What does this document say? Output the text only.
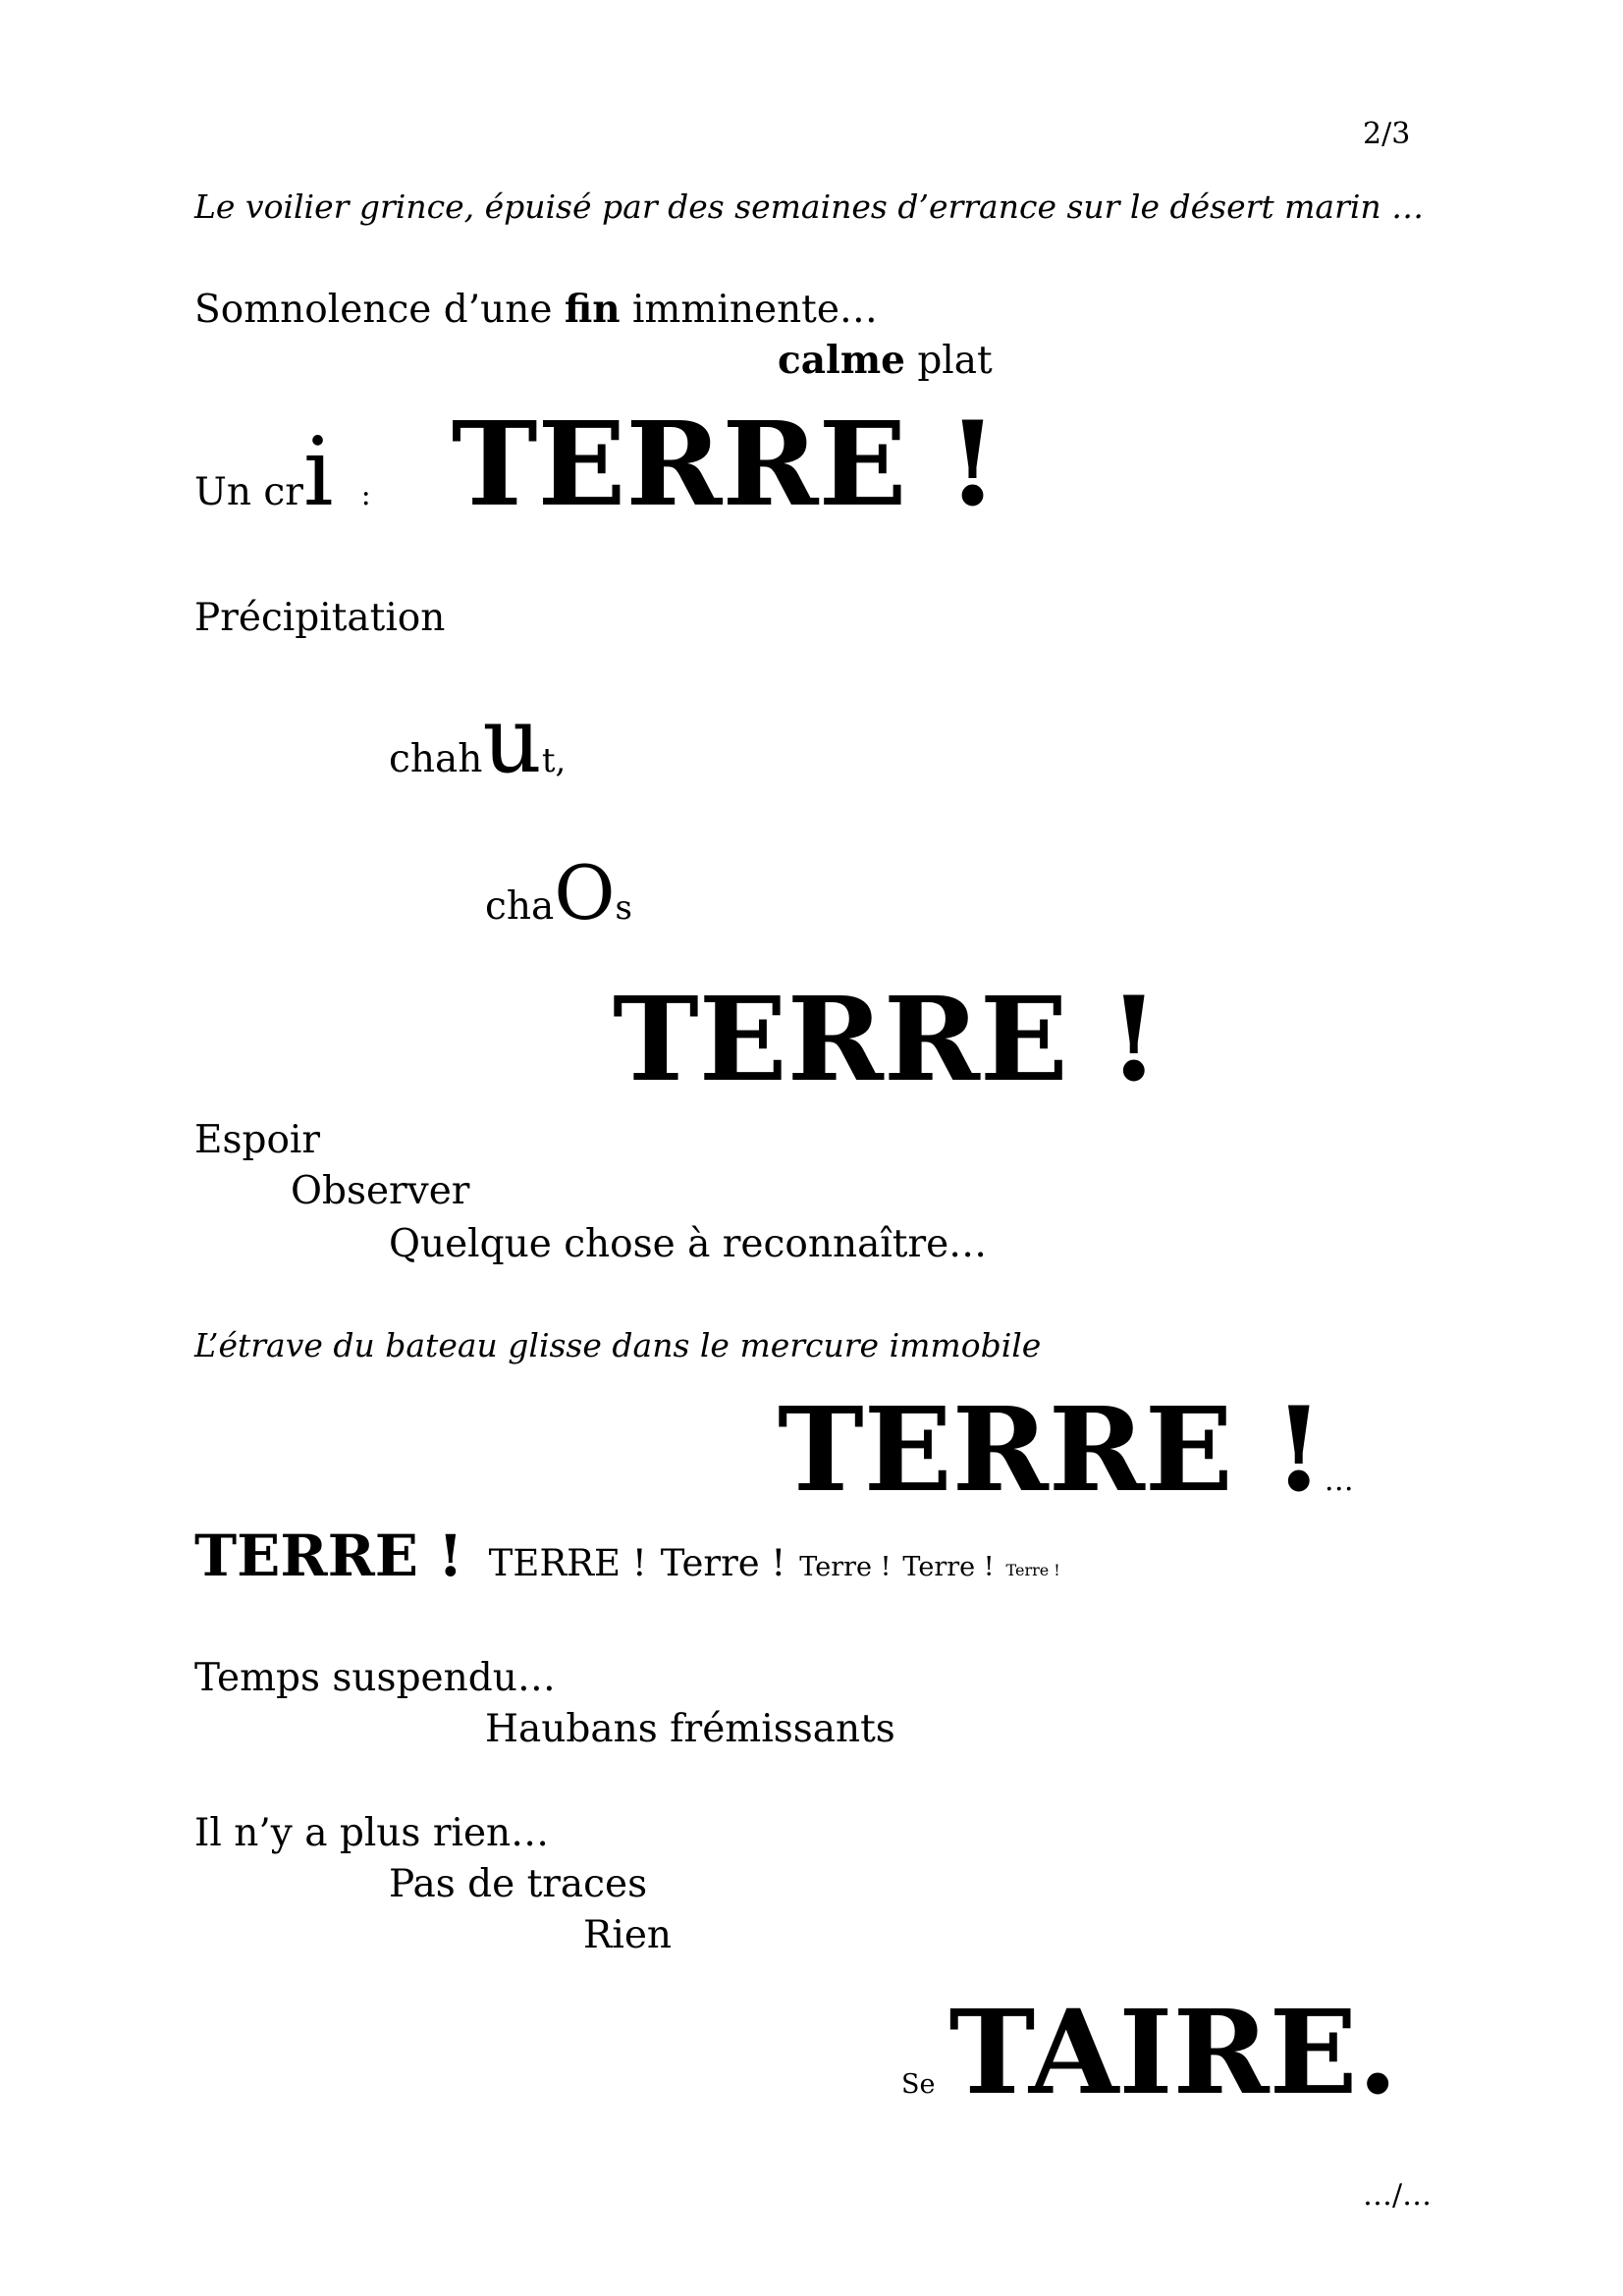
2/3
Le voilier grince, épuisé par des semaines d’errance sur le désert marin …
Somnolence d’une fin imminente…
calme plat
Un cr i : TERRE !
Précipitation
chah u t,
cha O s
TERRE !
Espoir
Observer
Quelque chose à reconnaître…
L’étrave du bateau glisse dans le mercure immobile
TERRE ! …
TERRE ! TERRE ! Terre ! Terre ! Terre ! Terre !
Temps suspendu…
Haubans frémissants
Il n’y a plus rien…
Pas de traces
Rien
Se TAIRE.
…/…
